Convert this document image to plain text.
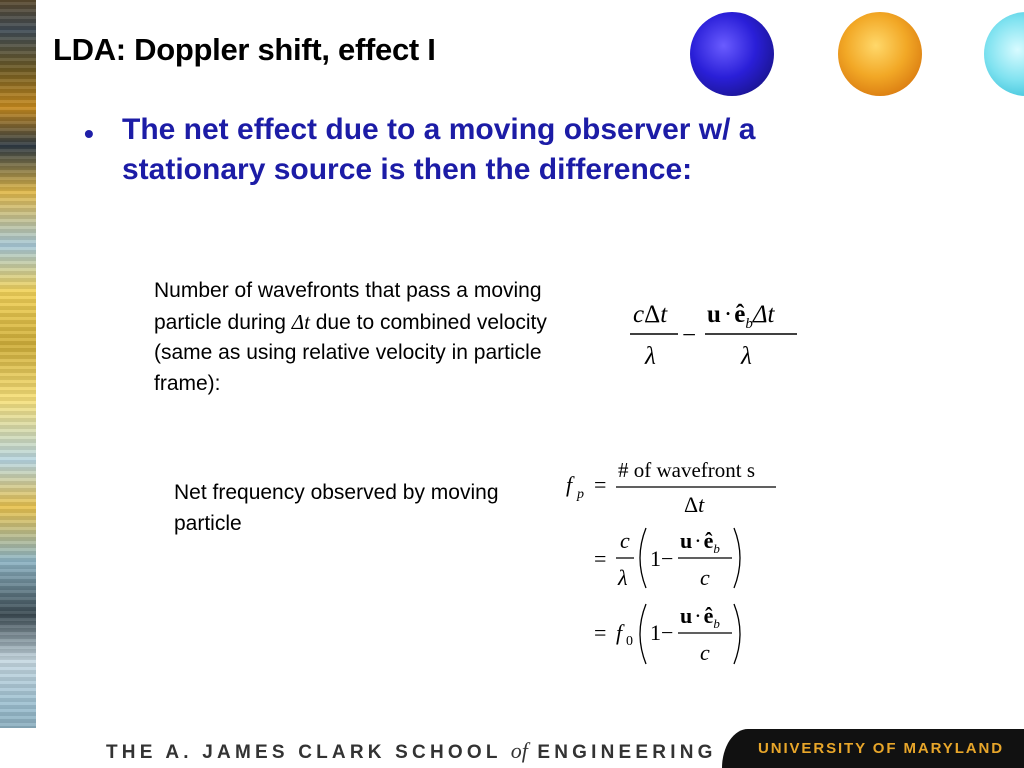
LDA: Doppler shift, effect I
• The net effect due to a moving observer w/ a stationary source is then the difference:
Number of wavefronts that pass a moving particle during Δt due to combined velocity (same as using relative velocity in particle frame):
cΔt
λ
−
$u \cdot ê_b\Delta t$
λ
Net frequency observed by moving particle
f p =
# of wavefront s
Δt
=
c
λ
1−
$u\cdot ê_b$
c
= f 0 1−
$u\cdot ê_b$
c
THE A. JAMES CLARK SCHOOL of ENGINEERING	UNIVERSITY OF MARYLAND
